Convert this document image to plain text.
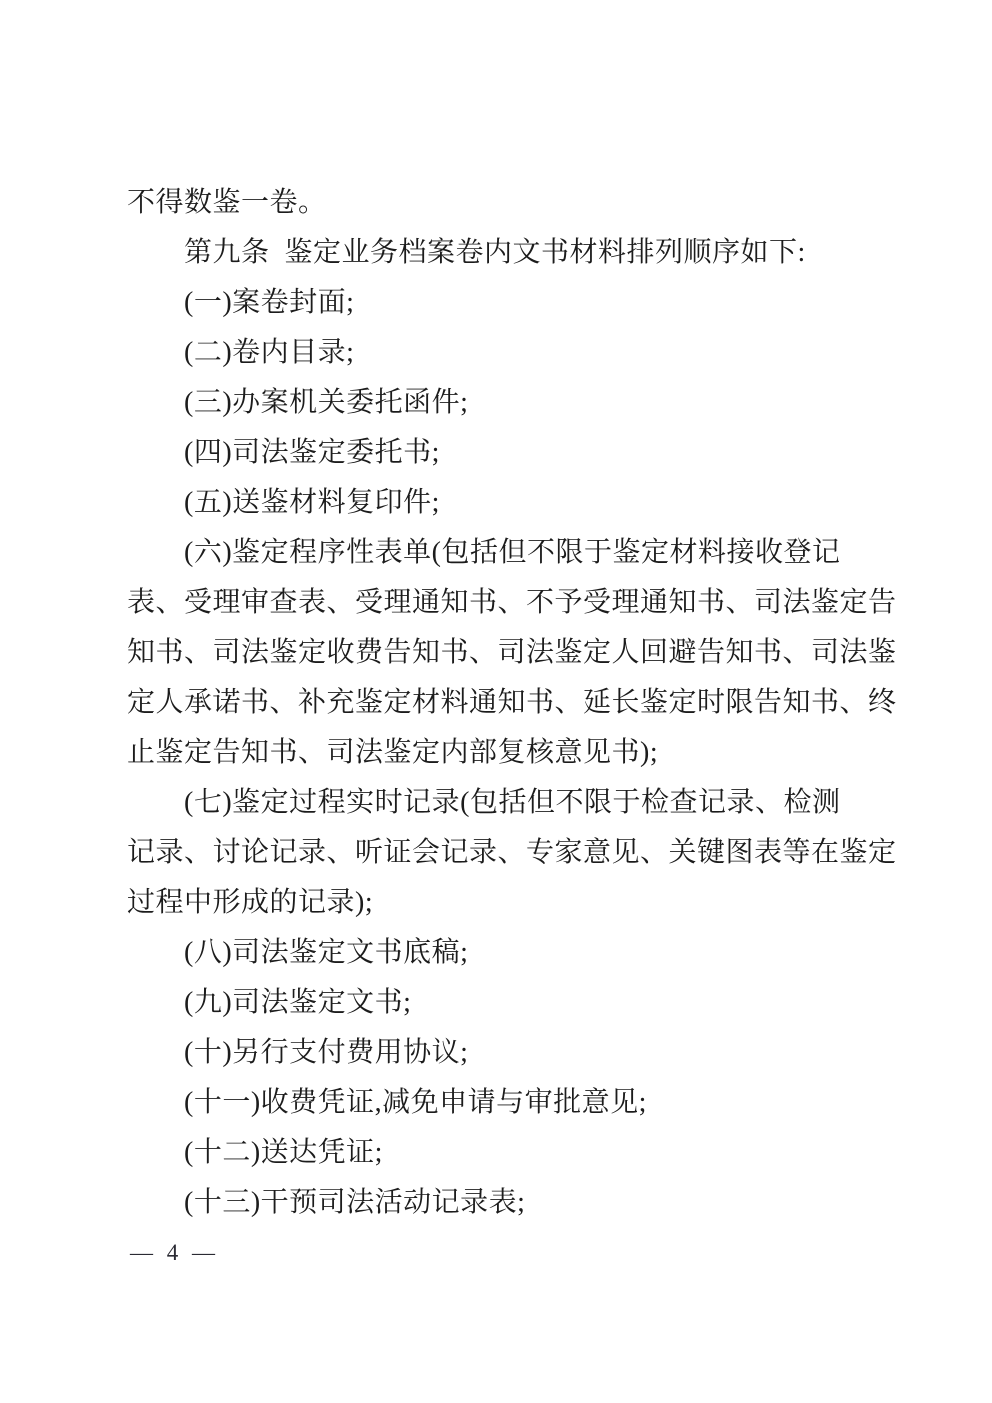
不得数鉴一卷。
第九条  鉴定业务档案卷内文书材料排列顺序如下:
(一)案卷封面;
(二)卷内目录;
(三)办案机关委托函件;
(四)司法鉴定委托书;
(五)送鉴材料复印件;
(六)鉴定程序性表单(包括但不限于鉴定材料接收登记
表、受理审查表、受理通知书、不予受理通知书、司法鉴定告
知书、司法鉴定收费告知书、司法鉴定人回避告知书、司法鉴
定人承诺书、补充鉴定材料通知书、延长鉴定时限告知书、终
止鉴定告知书、司法鉴定内部复核意见书);
(七)鉴定过程实时记录(包括但不限于检查记录、检测
记录、讨论记录、听证会记录、专家意见、关键图表等在鉴定
过程中形成的记录);
(八)司法鉴定文书底稿;
(九)司法鉴定文书;
(十)另行支付费用协议;
(十一)收费凭证,减免申请与审批意见;
(十二)送达凭证;
(十三)干预司法活动记录表;
— 4 —
